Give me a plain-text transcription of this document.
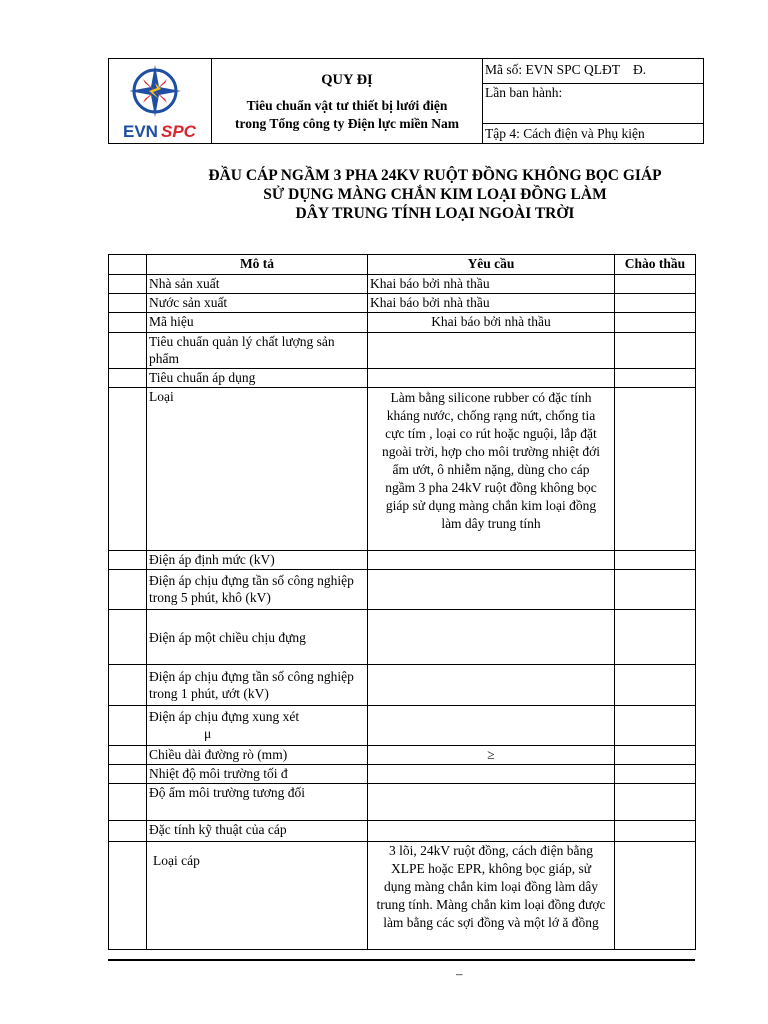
EVN SPC
QUY ĐỊ
Tiêu chuẩn vật tư thiết bị lưới điện
trong Tổng công ty Điện lực miền Nam
Mã số: EVN SPC QLĐT Đ.
Lần ban hành:
Tập 4: Cách điện và Phụ kiện
ĐẦU CÁP NGẦM 3 PHA 24KV RUỘT ĐỒNG KHÔNG BỌC GIÁP
SỬ DỤNG MÀNG CHẮN KIM LOẠI ĐỒNG LÀM
DÂY TRUNG TÍNH LOẠI NGOÀI TRỜI
	Mô tả	Yêu cầu	Chào thầu
	Nhà sản xuất	Khai báo bởi nhà thầu	
	Nước sản xuất	Khai báo bởi nhà thầu	
	Mã hiệu	Khai báo bởi nhà thầu	
	Tiêu chuẩn quản lý chất lượng sản phẩm		
	Tiêu chuẩn áp dụng		
	Loại	Làm bằng silicone rubber có đặc tính kháng nước, chống rạng nứt, chống tia cực tím , loại co rút hoặc nguội, lắp đặt ngoài trời, hợp cho môi trường nhiệt đới ẩm ướt, ô nhiễm nặng, dùng cho cáp ngầm 3 pha 24kV ruột đồng không bọc giáp sử dụng màng chắn kim loại đồng làm dây trung tính	
	Điện áp định mức (kV)		
	Điện áp chịu đựng tần số công nghiệp trong 5 phút, khô (kV)		
	Điện áp một chiều chịu đựng		
	Điện áp chịu đựng tần số công nghiệp trong 1 phút, ướt (kV)		

	Điện áp chịu đựng xung xét
μ		

	Chiều dài đường rò (mm)	≥	
	Nhiệt độ môi trường tối đ		
	Độ ẩm môi trường tương đối		
	Đặc tính kỹ thuật của cáp		
	Loại cáp	3 lõi, 24kV ruột đồng, cách điện bằng XLPE hoặc EPR, không bọc giáp, sử dụng màng chắn kim loại đồng làm dây trung tính. Màng chắn kim loại đồng được làm bằng các sợi đồng và một lớ ă đồng	
–
